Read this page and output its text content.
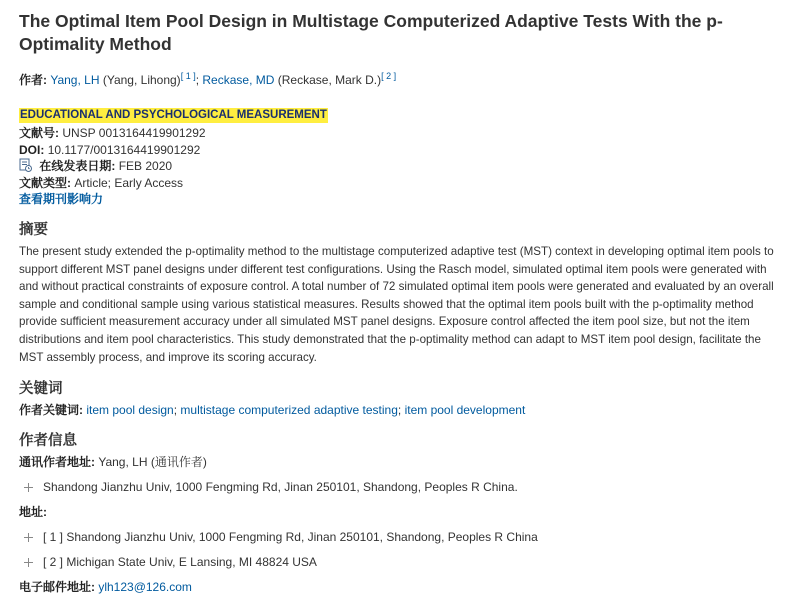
The Optimal Item Pool Design in Multistage Computerized Adaptive Tests With the p-Optimality Method
作者: Yang, LH (Yang, Lihong)[ 1 ]; Reckase, MD (Reckase, Mark D.)[ 2 ]
EDUCATIONAL AND PSYCHOLOGICAL MEASUREMENT
文献号: UNSP 0013164419901292
DOI: 10.1177/0013164419901292
在线发表日期: FEB 2020
文献类型: Article; Early Access
查看期刊影响力
摘要

The present study extended the p-optimality method to the multistage computerized adaptive test (MST) context in developing optimal item pools to support different MST panel designs under different test configurations. Using the Rasch model, simulated optimal item pools were generated with and without practical constraints of exposure control. A total number of 72 simulated optimal item pools were generated and evaluated by an overall sample and conditional sample using various statistical measures. Results showed that the optimal item pools built with the p-optimality method provide sufficient measurement accuracy under all simulated MST panel designs. Exposure control affected the item pool size, but not the item distributions and item pool characteristics. This study demonstrated that the p-optimality method can adapt to MST item pool design, facilitate the MST assembly process, and improve its scoring accuracy.

关键词
作者关键词: item pool design; multistage computerized adaptive testing; item pool development
作者信息
通讯作者地址: Yang, LH (通讯作者)
Shandong Jianzhu Univ, 1000 Fengming Rd, Jinan 250101, Shandong, Peoples R China.
地址:
[ 1 ] Shandong Jianzhu Univ, 1000 Fengming Rd, Jinan 250101, Shandong, Peoples R China
[ 2 ] Michigan State Univ, E Lansing, MI 48824 USA
电子邮件地址: ylh123@126.com
